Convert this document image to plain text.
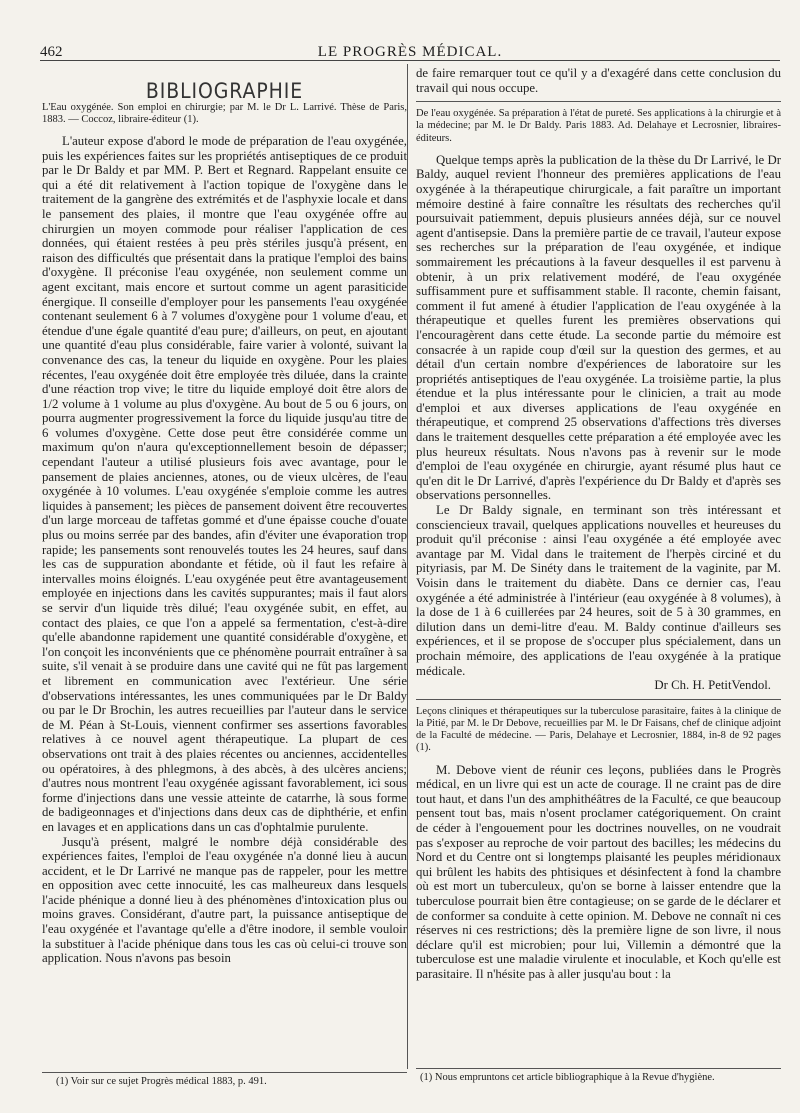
462	LE PROGRÈS MÉDICAL.
BIBLIOGRAPHIE
L'Eau oxygénée. Son emploi en chirurgie; par M. le Dr L. Larrivé. Thèse de Paris, 1883. — Coccoz, libraire-éditeur (1).

L'auteur expose d'abord le mode de préparation de l'eau oxygénée, puis les expériences faites sur les propriétés antiseptiques de ce produit par le Dr Baldy et par MM. P. Bert et Regnard. Rappelant ensuite ce qui a été dit relativement à l'action topique de l'oxygène dans le traitement de la gangrène des extrémités et de l'asphyxie locale et dans le pansement des plaies, il montre que l'eau oxygénée offre au chirurgien un moyen commode pour réaliser l'application de ces données, qui étaient restées à peu près stériles jusqu'à présent, en raison des difficultés que présentait dans la pratique l'emploi des bains d'oxygène. Il préconise l'eau oxygénée, non seulement comme un agent excitant, mais encore et surtout comme un agent parasiticide énergique. Il conseille d'employer pour les pansements l'eau oxygénée contenant seulement 6 à 7 volumes d'oxygène pour 1 volume d'eau, et étendue d'une égale quantité d'eau pure; d'ailleurs, on peut, en ajoutant une quantité d'eau plus considérable, faire varier à volonté, suivant la convenance des cas, la teneur du liquide en oxygène. Pour les plaies récentes, l'eau oxygénée doit être employée très diluée, dans la crainte d'une réaction trop vive; le titre du liquide employé doit être alors de 1/2 volume à 1 volume au plus d'oxygène. Au bout de 5 ou 6 jours, on pourra augmenter progressivement la force du liquide jusqu'au titre de 6 volumes d'oxygène. Cette dose peut être considérée comme un maximum qu'on n'aura qu'exceptionnellement besoin de dépasser; cependant l'auteur a utilisé plusieurs fois avec avantage, pour le pansement de plaies anciennes, atones, ou de vieux ulcères, de l'eau oxygénée à 10 volumes. L'eau oxygénée s'emploie comme les autres liquides à pansement; les pièces de pansement doivent être recouvertes d'un large morceau de taffetas gommé et d'une épaisse couche d'ouate plus ou moins serrée par des bandes, afin d'éviter une évaporation trop rapide; les pansements sont renouvelés toutes les 24 heures, sauf dans les cas de suppuration abondante et fétide, où il faut les refaire à intervalles moins éloignés. L'eau oxygénée peut être avantageusement employée en injections dans les cavités suppurantes; mais il faut alors se servir d'un liquide très dilué; l'eau oxygénée subit, en effet, au contact des plaies, ce que l'on a appelé sa fermentation, c'est-à-dire qu'elle abandonne rapidement une quantité considérable d'oxygène, et l'on conçoit les inconvénients que ce phénomène pourrait entraîner à sa suite, s'il venait à se produire dans une cavité qui ne fût pas largement et librement en communication avec l'extérieur. Une série d'observations intéressantes, les unes communiquées par le Dr Baldy ou par le Dr Brochin, les autres recueillies par l'auteur dans le service de M. Péan à St-Louis, viennent confirmer ses assertions favorables relatives à ce nouvel agent thérapeutique. La plupart de ces observations ont trait à des plaies récentes ou anciennes, accidentelles ou opératoires, à des phlegmons, à des abcès, à des ulcères anciens; d'autres nous montrent l'eau oxygénée agissant favorablement, ici sous forme d'injections dans une vessie atteinte de catarrhe, là sous forme de badigeonnages et d'injections dans deux cas de diphthérie, et enfin en lavages et en applications dans un cas d'ophtalmie purulente.

Jusqu'à présent, malgré le nombre déjà considérable des expériences faites, l'emploi de l'eau oxygénée n'a donné lieu à aucun accident, et le Dr Larrivé ne manque pas de rappeler, pour les mettre en opposition avec cette innocuité, les cas malheureux dans lesquels l'acide phénique a donné lieu à des phénomènes d'intoxication plus ou moins graves. Considérant, d'autre part, la puissance antiseptique de l'eau oxygénée et l'avantage qu'elle a d'être inodore, il semble vouloir la substituer à l'acide phénique dans tous les cas où celui-ci trouve son application. Nous n'avons pas besoin

de faire remarquer tout ce qu'il y a d'exagéré dans cette conclusion du travail qui nous occupe.

De l'eau oxygénée. Sa préparation à l'état de pureté. Ses applications à la chirurgie et à la médecine; par M. le Dr Baldy. Paris 1883. Ad. Delahaye et Lecrosnier, libraires-éditeurs.

Quelque temps après la publication de la thèse du Dr Larrivé, le Dr Baldy, auquel revient l'honneur des premières applications de l'eau oxygénée à la thérapeutique chirurgicale, a fait paraître un important mémoire destiné à faire connaître les résultats des recherches qu'il poursuivait patiemment, depuis plusieurs années déjà, sur ce nouvel agent d'antisepsie. Dans la première partie de ce travail, l'auteur expose ses recherches sur la préparation de l'eau oxygénée, et indique sommairement les précautions à la faveur desquelles il est parvenu à obtenir, à un prix relativement modéré, de l'eau oxygénée suffisamment pure et suffisamment stable. Il raconte, chemin faisant, comment il fut amené à étudier l'application de l'eau oxygénée à la thérapeutique et quelles furent les premières observations qui l'encouragèrent dans cette étude. La seconde partie du mémoire est consacrée à un rapide coup d'œil sur la question des germes, et au détail d'un certain nombre d'expériences de laboratoire sur les propriétés antiseptiques de l'eau oxygénée. La troisième partie, la plus étendue et la plus intéressante pour le clinicien, a trait au mode d'emploi et aux diverses applications de l'eau oxygénée en thérapeutique, et comprend 25 observations d'affections très diverses dans le traitement desquelles cette préparation a été employée avec les plus heureux résultats. Nous n'avons pas à revenir sur le mode d'emploi de l'eau oxygénée en chirurgie, ayant résumé plus haut ce qu'en dit le Dr Larrivé, d'après l'expérience du Dr Baldy et d'après ses observations personnelles.

Le Dr Baldy signale, en terminant son très intéressant et consciencieux travail, quelques applications nouvelles et heureuses du produit qu'il préconise : ainsi l'eau oxygénée a été employée avec avantage par M. Vidal dans le traitement de l'herpès circiné et du pityriasis, par M. De Sinéty dans le traitement de la vaginite, par M. Voisin dans le traitement du diabète. Dans ce dernier cas, l'eau oxygénée a été administrée à l'intérieur (eau oxygénée à 8 volumes), à la dose de 1 à 6 cuillerées par 24 heures, soit de 5 à 30 grammes, en dilution dans un demi-litre d'eau. M. Baldy continue d'ailleurs ses expériences, et il se propose de s'occuper plus spécialement, dans un prochain mémoire, des applications de l'eau oxygénée à la pratique médicale.

Dr Ch. H. PetitVendol.

Leçons cliniques et thérapeutiques sur la tuberculose parasitaire, faites à la clinique de la Pitié, par M. le Dr Debove, recueillies par M. le Dr Faisans, chef de clinique adjoint de la Faculté de médecine. — Paris, Delahaye et Lecrosnier, 1884, in-8 de 92 pages (1).

M. Debove vient de réunir ces leçons, publiées dans le Progrès médical, en un livre qui est un acte de courage. Il ne craint pas de dire tout haut, et dans l'un des amphithéâtres de la Faculté, ce que beaucoup pensent tout bas, mais n'osent proclamer catégoriquement. On craint de céder à l'engouement pour les doctrines nouvelles, on ne voudrait pas s'exposer au reproche de voir partout des bacilles; les médecins du Nord et du Centre ont si longtemps plaisanté les peuples méridionaux qui brûlent les habits des phtisiques et désinfectent à fond la chambre où est mort un tuberculeux, qu'on se borne à laisser entendre que la tuberculose pourrait bien être contagieuse; on se garde de le déclarer et de conformer sa conduite à cette opinion. M. Debove ne connaît ni ces réserves ni ces restrictions; dès la première ligne de son livre, il nous déclare qu'il est microbien; pour lui, Villemin a démontré que la tuberculose est une maladie virulente et inoculable, et Koch qu'elle est parasitaire. Il n'hésite pas à aller jusqu'au bout : la

(1) Voir sur ce sujet Progrès médical 1883, p. 491.	(1) Nous empruntons cet article bibliographique à la Revue d'hygiène.
